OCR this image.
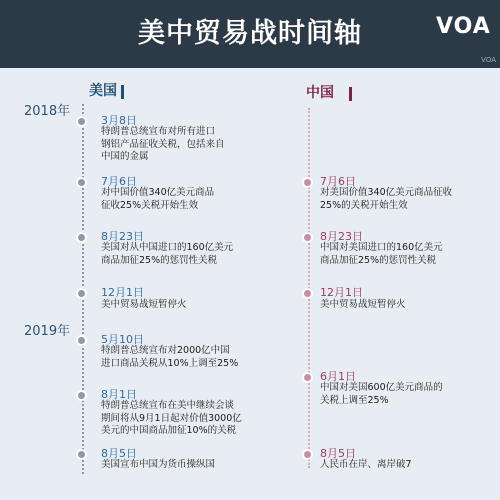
美中贸易战时间轴	VOA
VOA
美国	中国
2018年
2019年
3月8日
特朗普总统宣布对所有进口
钢铝产品征收关税，包括来自
中国的金属
7月6日
对中国价值340亿美元商品
征收25%关税开始生效
8月23日
美国对从中国进口的160亿美元
商品加征25%的惩罚性关税
12月1日
美中贸易战短暂停火
5月10日
特朗普总统宣布对2000亿中国
进口商品关税从10%上调至25%
8月1日
特朗普总统宣布在美中继续会谈
期间将从9月1日起对价值3000亿
美元的中国商品加征10%的关税
8月5日
美国宣布中国为货币操纵国
7月6日
对美国价值340亿美元商品征收
25%的关税开始生效
8月23日
中国对美国进口的160亿美元
商品加征25%的惩罚性关税
12月1日
美中贸易战短暂停火
6月1日
中国对美国600亿美元商品的
关税上调至25%
8月5日
人民币在岸、离岸破7
